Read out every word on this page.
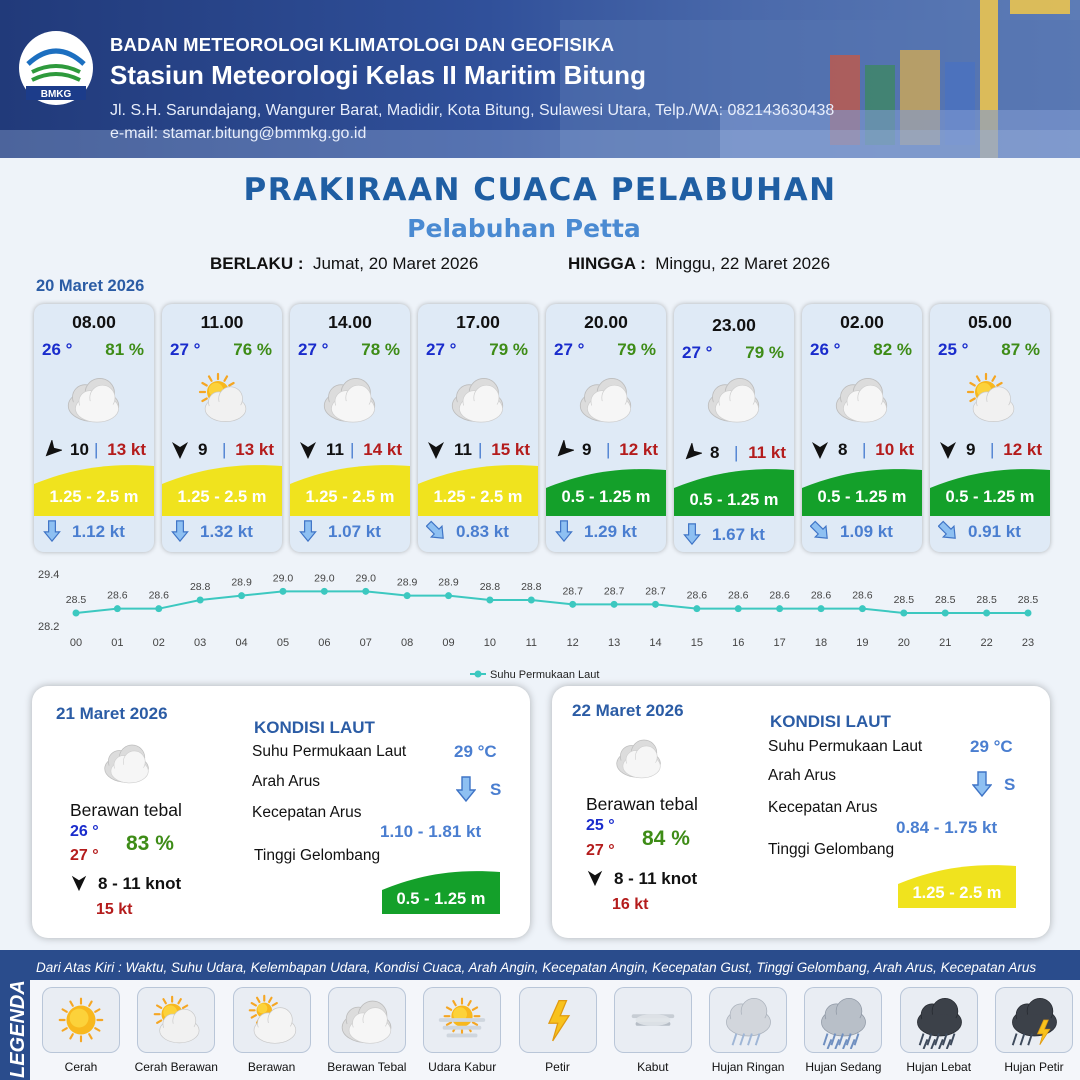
BMKG
BADAN METEOROLOGI KLIMATOLOGI DAN GEOFISIKA
Stasiun Meteorologi Kelas II Maritim Bitung
Jl. S.H. Sarundajang, Wangurer Barat, Madidir, Kota Bitung, Sulawesi Utara, Telp./WA: 082143630438
e-mail: stamar.bitung@bmmkg.go.id
PRAKIRAAN CUACA PELABUHAN
Pelabuhan Petta
BERLAKU : Jumat, 20 Maret 2026	HINGGA : Minggu, 22 Maret 2026
20 Maret 2026
08.00
26 ° 81 %
10 | 13 kt
1.25 - 2.5 m
1.12 kt
11.00
27 ° 76 %
9 | 13 kt
1.25 - 2.5 m
1.32 kt
14.00
27 ° 78 %
11 | 14 kt
1.25 - 2.5 m
1.07 kt
17.00
27 ° 79 %
11 | 15 kt
1.25 - 2.5 m
0.83 kt
20.00
27 ° 79 %
9 | 12 kt
0.5 - 1.25 m
1.29 kt
23.00
27 ° 79 %
8 | 11 kt
0.5 - 1.25 m
1.67 kt
02.00
26 ° 82 %
8 | 10 kt
0.5 - 1.25 m
1.09 kt
05.00
25 ° 87 %
9 | 12 kt
0.5 - 1.25 m
0.91 kt
29.4
28.2
28.5
00
28.6
01
28.6
02
28.8
03
28.9
04
29.0
05
29.0
06
29.0
07
28.9
08
28.9
09
28.8
10
28.8
11
28.7
12
28.7
13
28.7
14
28.6
15
28.6
16
28.6
17
28.6
18
28.6
19
28.5
20
28.5
21
28.5
22
28.5
23
Suhu Permukaan Laut
21 Maret 2026
Berawan tebal
26 °
27 °
83 %
8 - 11 knot
15 kt
KONDISI LAUT
Suhu Permukaan Laut	29 °C
Arah Arus	S
Kecepatan Arus
1.10 - 1.81 kt
Tinggi Gelombang
0.5 - 1.25 m
22 Maret 2026
Berawan tebal
25 °
27 °
84 %
8 - 11 knot
16 kt
KONDISI LAUT
Suhu Permukaan Laut	29 °C
Arah Arus	S
Kecepatan Arus
0.84 - 1.75 kt
Tinggi Gelombang
1.25 - 2.5 m
LEGENDA
Dari Atas Kiri : Waktu, Suhu Udara, Kelembapan Udara, Kondisi Cuaca, Arah Angin, Kecepatan Angin, Kecepatan Gust, Tinggi Gelombang, Arah Arus, Kecepatan Arus
Cerah	Cerah Berawan	Berawan	Berawan Tebal	Udara Kabur	Petir	Kabut	Hujan Ringan	Hujan Sedang	Hujan Lebat	Hujan Petir
